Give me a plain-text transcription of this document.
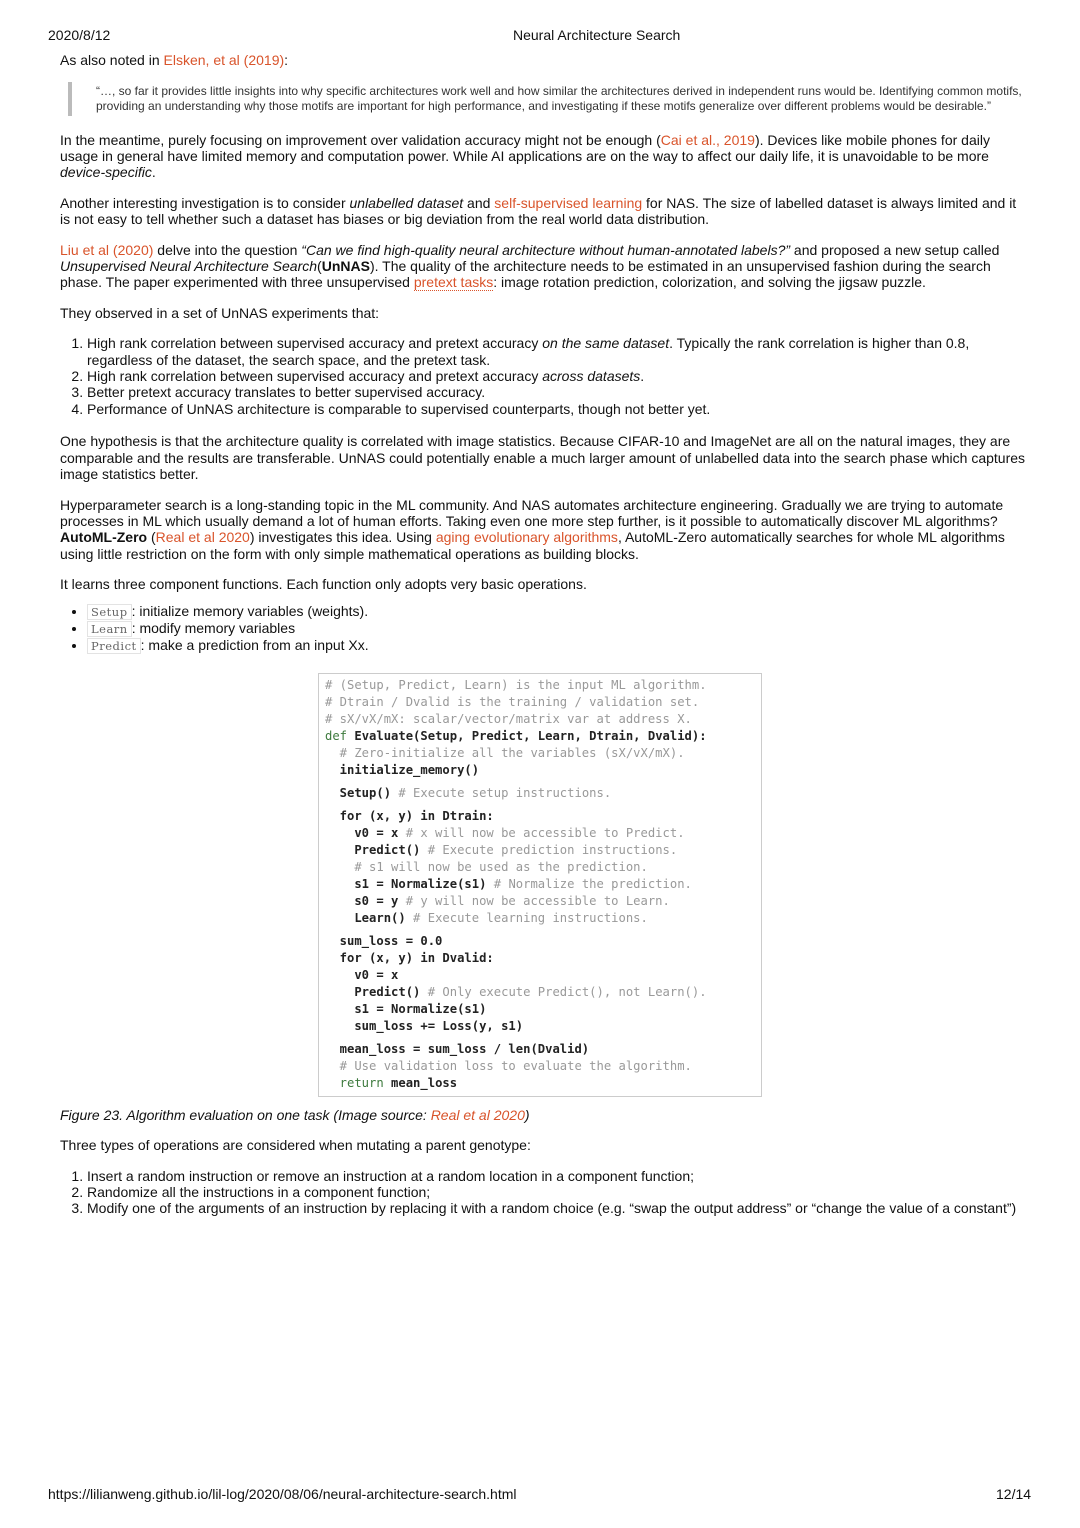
2020/8/12	Neural Architecture Search

As also noted in Elsken, et al (2019):

“…, so far it provides little insights into why specific architectures work well and how similar the architectures derived in independent runs would be. Identifying common motifs, providing an understanding why those motifs are important for high performance, and investigating if these motifs generalize over different problems would be desirable.”

In the meantime, purely focusing on improvement over validation accuracy might not be enough (Cai et al., 2019). Devices like mobile phones for daily usage in general have limited memory and computation power. While AI applications are on the way to affect our daily life, it is unavoidable to be more device-specific.

Another interesting investigation is to consider unlabelled dataset and self-supervised learning for NAS. The size of labelled dataset is always limited and it is not easy to tell whether such a dataset has biases or big deviation from the real world data distribution.

Liu et al (2020) delve into the question “Can we find high-quality neural architecture without human-annotated labels?” and proposed a new setup called Unsupervised Neural Architecture Search(UnNAS). The quality of the architecture needs to be estimated in an unsupervised fashion during the search phase. The paper experimented with three unsupervised pretext tasks: image rotation prediction, colorization, and solving the jigsaw puzzle.

They observed in a set of UnNAS experiments that:

1. High rank correlation between supervised accuracy and pretext accuracy on the same dataset. Typically the rank correlation is higher than 0.8, regardless of the dataset, the search space, and the pretext task.
2. High rank correlation between supervised accuracy and pretext accuracy across datasets.
3. Better pretext accuracy translates to better supervised accuracy.
4. Performance of UnNAS architecture is comparable to supervised counterparts, though not better yet.

One hypothesis is that the architecture quality is correlated with image statistics. Because CIFAR-10 and ImageNet are all on the natural images, they are comparable and the results are transferable. UnNAS could potentially enable a much larger amount of unlabelled data into the search phase which captures image statistics better.

Hyperparameter search is a long-standing topic in the ML community. And NAS automates architecture engineering. Gradually we are trying to automate processes in ML which usually demand a lot of human efforts. Taking even one more step further, is it possible to automatically discover ML algorithms? AutoML-Zero (Real et al 2020) investigates this idea. Using aging evolutionary algorithms, AutoML-Zero automatically searches for whole ML algorithms using little restriction on the form with only simple mathematical operations as building blocks.

It learns three component functions. Each function only adopts very basic operations.

• Setup : initialize memory variables (weights).
• Learn : modify memory variables
• Predict : make a prediction from an input Xx.
# (Setup, Predict, Learn) is the input ML algorithm.
# Dtrain / Dvalid is the training / validation set.
# sX/vX/mX: scalar/vector/matrix var at address X.
def Evaluate(Setup, Predict, Learn, Dtrain, Dvalid):
# Zero-initialize all the variables (sX/vX/mX).
initialize_memory()
Setup() # Execute setup instructions.
for (x, y) in Dtrain:
v0 = x # x will now be accessible to Predict.
Predict() # Execute prediction instructions.
# s1 will now be used as the prediction.
s1 = Normalize(s1) # Normalize the prediction.
s0 = y # y will now be accessible to Learn.
Learn() # Execute learning instructions.
sum_loss = 0.0
for (x, y) in Dvalid:
v0 = x
Predict() # Only execute Predict(), not Learn().
s1 = Normalize(s1)
sum_loss += Loss(y, s1)
mean_loss = sum_loss / len(Dvalid)
# Use validation loss to evaluate the algorithm.
return mean_loss

Figure 23. Algorithm evaluation on one task (Image source: Real et al 2020)

Three types of operations are considered when mutating a parent genotype:

1. Insert a random instruction or remove an instruction at a random location in a component function;
2. Randomize all the instructions in a component function;
3. Modify one of the arguments of an instruction by replacing it with a random choice (e.g. “swap the output address” or “change the value of a constant”)
https://lilianweng.github.io/lil-log/2020/08/06/neural-architecture-search.html	12/14
